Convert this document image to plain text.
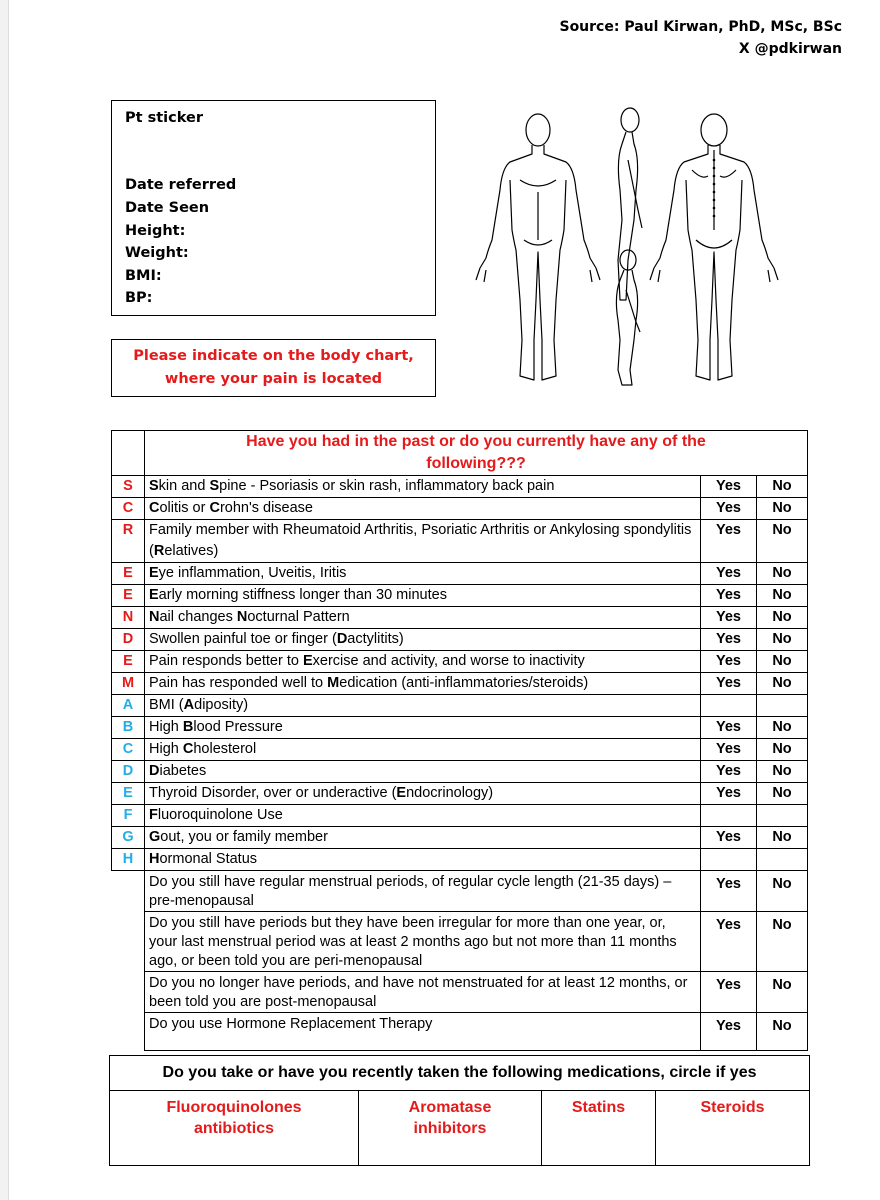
Source: Paul Kirwan, PhD, MSc, BSc
X @pdkirwan
Pt sticker
Date referred
Date Seen
Height:
Weight:
BMI:
BP:
Please indicate on the body chart,
where your pain is located

	Have you had in the past or do you currently have any of the
following???		

S	Skin and Spine - Psoriasis or skin rash, inflammatory back pain	Yes	No
C	Colitis or Crohn's disease	Yes	No
R	Family member with Rheumatoid Arthritis, Psoriatic Arthritis or Ankylosing spondylitis (Relatives)	Yes	No
E	Eye inflammation, Uveitis, Iritis	Yes	No
E	Early morning stiffness longer than 30 minutes	Yes	No
N	Nail changes Nocturnal Pattern	Yes	No
D	Swollen painful toe or finger (Dactylitits)	Yes	No
E	Pain responds better to Exercise and activity, and worse to inactivity	Yes	No
M	Pain has responded well to Medication (anti-inflammatories/steroids)	Yes	No
A	BMI (Adiposity)		
B	High Blood Pressure	Yes	No
C	High Cholesterol	Yes	No
D	Diabetes	Yes	No
E	Thyroid Disorder, over or underactive (Endocrinology)	Yes	No
F	Fluoroquinolone Use		
G	Gout, you or family member	Yes	No
H	Hormonal Status		
	Do you still have regular menstrual periods, of regular cycle length (21-35 days) – pre-menopausal	Yes	No
	Do you still have periods but they have been irregular for more than one year, or, your last menstrual period was at least 2 months ago but not more than 11 months ago, or been told you are peri-menopausal	Yes	No
	Do you no longer have periods, and have not menstruated for at least 12 months, or been told you are post-menopausal	Yes	No
	Do you use Hormone Replacement Therapy	Yes	No
Do you take or have you recently taken the following medications, circle if yes
Fluoroquinolones antibiotics	Aromatase inhibitors	Statins	Steroids
